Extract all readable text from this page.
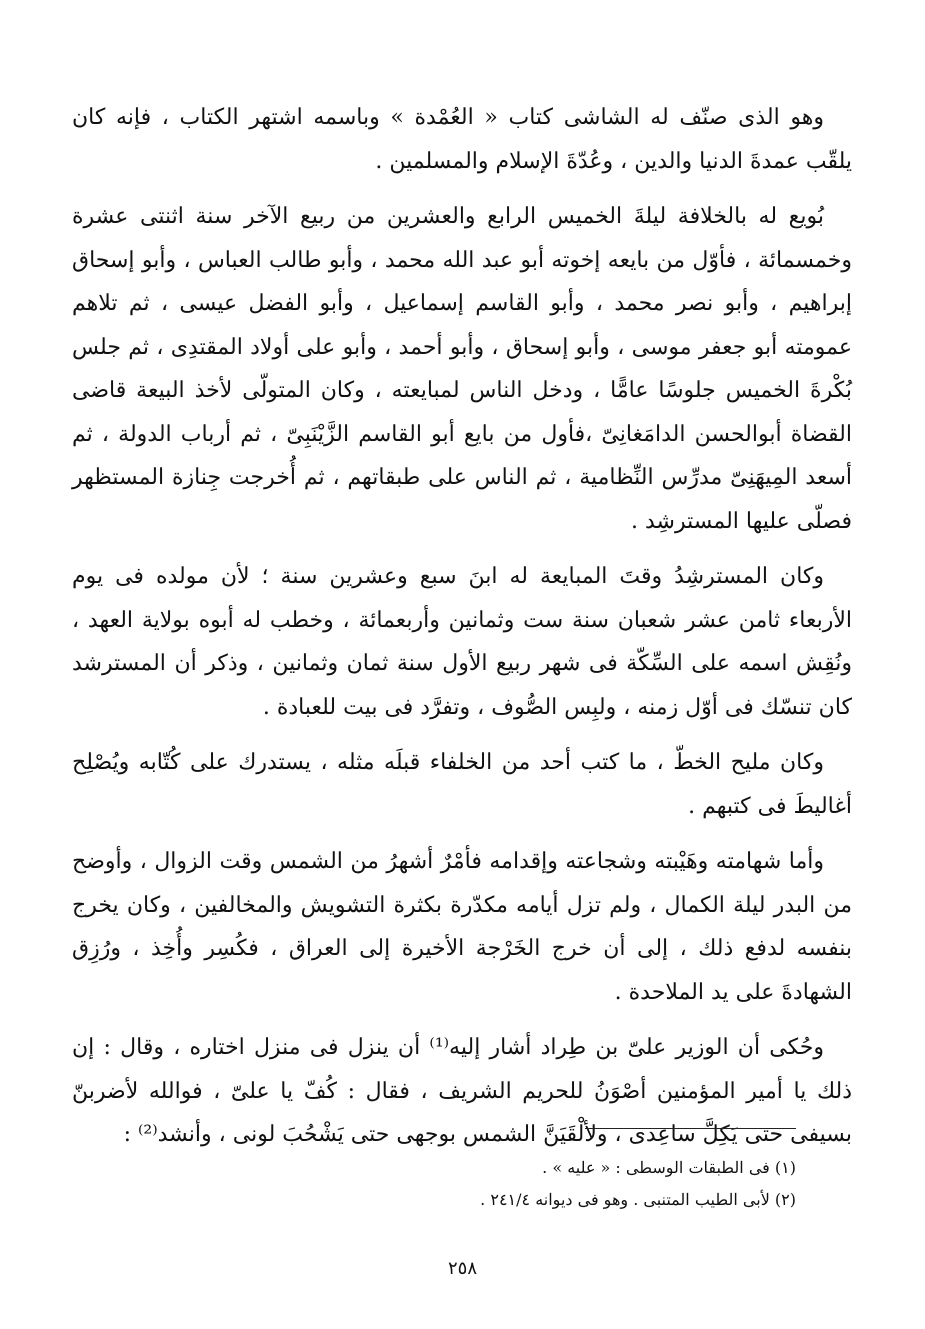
وهو الذى صنّف له الشاشى كتاب « العُمْدة » وباسمه اشتهر الكتاب ، فإنه كان يلقّب عمدةَ الدنيا والدين ، وعُدّةَ الإسلام والمسلمين .

بُويع له بالخلافة ليلةَ الخميس الرابع والعشرين من ربيع الآخر سنة اثنتى عشرة وخمسمائة ، فأوّل من بايعه إخوته أبو عبد الله محمد ، وأبو طالب العباس ، وأبو إسحاق إبراهيم ، وأبو نصر محمد ، وأبو القاسم إسماعيل ، وأبو الفضل عيسى ، ثم تلاهم عمومته أبو جعفر موسى ، وأبو إسحاق ، وأبو أحمد ، وأبو على أولاد المقتدِى ، ثم جلس بُكْرةَ الخميس جلوسًا عامًّا ، ودخل الناس لمبايعته ، وكان المتولّى لأخذ البيعة قاضى القضاة أبوالحسن الدامَغانِىّ ،فأول من بايع أبو القاسم الزَّيْنَبِىّ ، ثم أرباب الدولة ، ثم أسعد المِيهَنِىّ مدرِّس النِّظامية ، ثم الناس على طبقاتهم ، ثم أُخرجت جِنازة المستظهر فصلّى عليها المسترشِد .

وكان المسترشِدُ وقتَ المبايعة له ابنَ سبع وعشرين سنة ؛ لأن مولده فى يوم الأربعاء ثامن عشر شعبان سنة ست وثمانين وأربعمائة ، وخطب له أبوه بولاية العهد ، ونُقِش اسمه على السِّكّة فى شهر ربيع الأول سنة ثمان وثمانين ، وذكر أن المسترشد كان تنسّك فى أوّل زمنه ، ولبِس الصُّوف ، وتفرَّد فى بيت للعبادة .

وكان مليح الخطّ ، ما كتب أحد من الخلفاء قبلَه مثله ، يستدرك على كُتّابه ويُصْلِح أغاليطَ فى كتبهم .

وأما شهامته وهَيْبته وشجاعته وإقدامه فأمْرٌ أشهرُ من الشمس وقت الزوال ، وأوضح من البدر ليلة الكمال ، ولم تزل أيامه مكدّرة بكثرة التشويش والمخالفين ، وكان يخرج بنفسه لدفع ذلك ، إلى أن خرج الخَرْجة الأخيرة إلى العراق ، فكُسِر وأُخِذ ، ورُزِق الشهادةَ على يد الملاحدة .

وحُكى أن الوزير علىّ بن طِراد أشار إليه⁽¹⁾ أن ينزل فى منزل اختاره ، وقال : إن ذلك يا أمير المؤمنين أصْوَنُ للحريم الشريف ، فقال : كُفّ يا علىّ ، فوالله لأضربنّ بسيفى حتى يَكِلَّ ساعِدى ، ولألْقَيَنَّ الشمس بوجهى حتى يَشْحُبَ لونى ، وأنشد⁽²⁾ :

(١) فى الطبقات الوسطى : « عليه » .

(٢) لأبى الطيب المتنبى . وهو فى ديوانه ٢٤١/٤ .

٢٥٨
